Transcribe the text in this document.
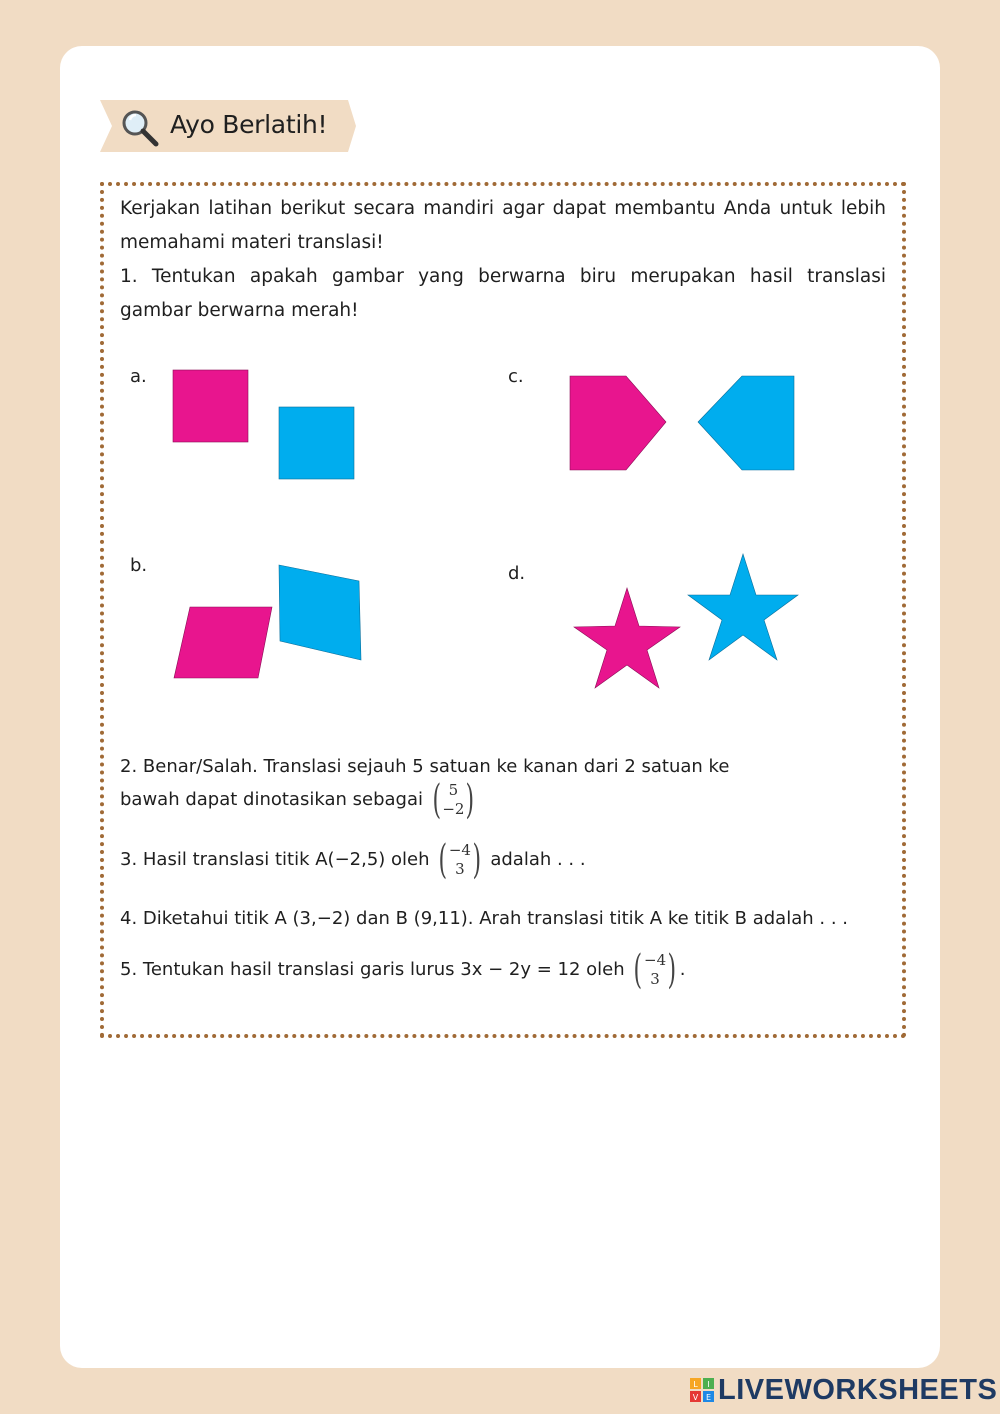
Ayo Berlatih!
Kerjakan latihan berikut secara mandiri agar dapat membantu Anda untuk lebih memahami materi translasi!
1. Tentukan apakah gambar yang berwarna biru merupakan hasil translasi gambar berwarna merah!
a.	c.
b.	d.
2. Benar/Salah. Translasi sejauh 5 satuan ke kanan dari 2 satuan ke
bawah dapat dinotasikan sebagai ( 5
−2 )
3. Hasil translasi titik A(−2,5) oleh ( −4
3 ) adalah . . .
4. Diketahui titik A (3,−2) dan B (9,11). Arah translasi titik A ke titik B adalah . . .
5. Tentukan hasil translasi garis lurus 3x − 2y = 12 oleh ( −4
3 ) .
L I
V E LIVEWORKSHEETS
